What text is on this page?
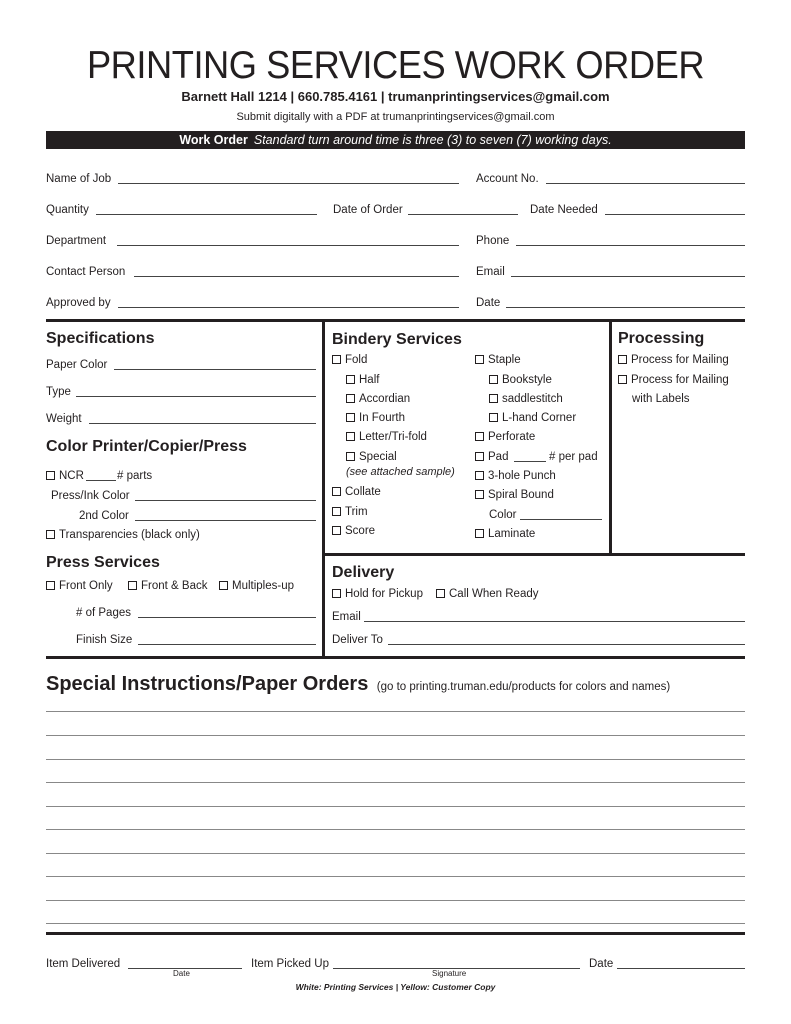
PRINTING SERVICES WORK ORDER
Barnett Hall 1214 | 660.785.4161 | trumanprintingservices@gmail.com
Submit digitally with a PDF at trumanprintingservices@gmail.com
Work Order Standard turn around time is three (3) to seven (7) working days.
Name of Job	Account No.
Quantity	Date of Order	Date Needed
Department	Phone
Contact Person	Email
Approved by	Date
Specifications
Paper Color
Type
Weight
Color Printer/Copier/Press
NCR	# parts
Press/Ink Color
2nd Color
Transparencies (black only)
Press Services
Front Only	Front & Back	Multiples-up
# of Pages
Finish Size
Bindery Services
Fold
Half
Accordian
In Fourth
Letter/Tri-fold
Special
(see attached sample)
Collate
Trim
Score
Staple
Bookstyle
saddlestitch
L-hand Corner
Perforate
Pad	# per pad
3-hole Punch
Spiral Bound
Color
Laminate
Processing
Process for Mailing
Process for Mailing
with Labels
Delivery
Hold for Pickup	Call When Ready
Email
Deliver To
Special Instructions/Paper Orders (go to printing.truman.edu/products for colors and names)
Item Delivered
Date
Item Picked Up
Signature
Date
White: Printing Services | Yellow: Customer Copy
